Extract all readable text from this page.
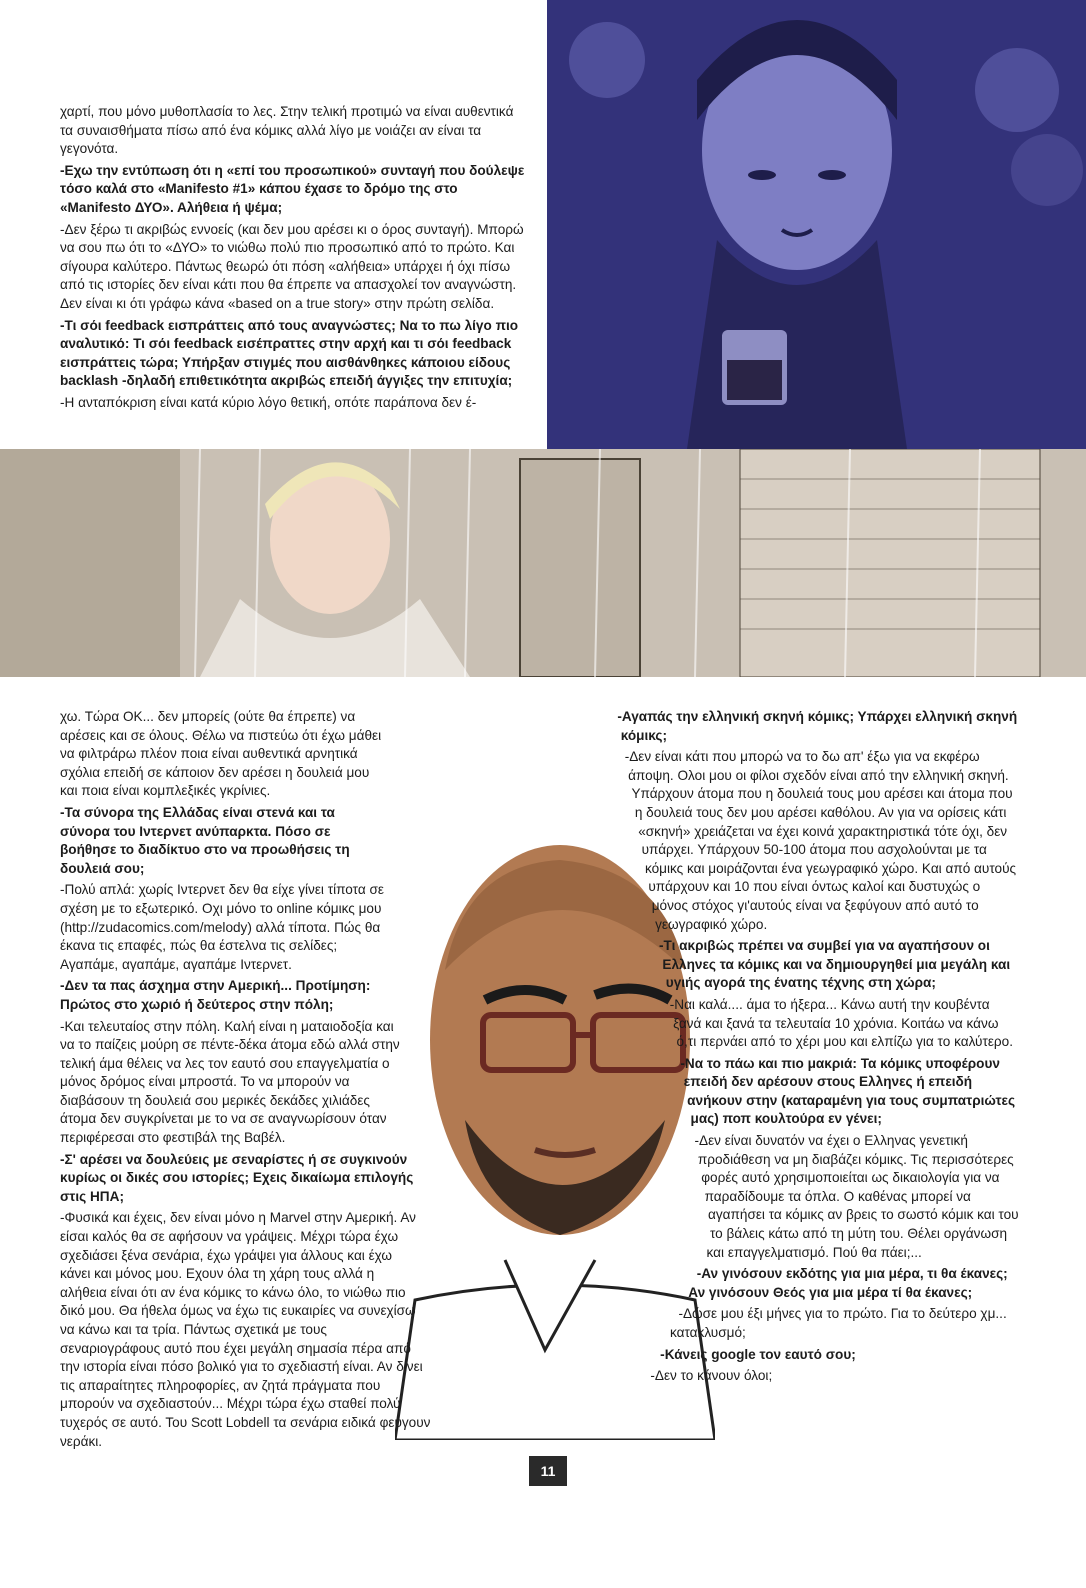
χαρτί, που μόνο μυθοπλασία το λες. Στην τελική προτιμώ να είναι αυθεντικά τα συναισθήματα πίσω από ένα κόμικς αλλά λίγο με νοιάζει αν είναι τα γεγονότα.

-Εχω την εντύπωση ότι η «επί του προσωπικού» συνταγή που δούλεψε τόσο καλά στο «Manifesto #1» κάπου έχασε το δρόμο της στο «Manifesto ΔΥΟ». Αλήθεια ή ψέμα;

-Δεν ξέρω τι ακριβώς εννοείς (και δεν μου αρέσει κι ο όρος συνταγή). Μπορώ να σου πω ότι το «ΔΥΟ» το νιώθω πολύ πιο προσωπικό από το πρώτο. Και σίγουρα καλύτερο. Πάντως θεωρώ ότι πόση «αλήθεια» υπάρχει ή όχι πίσω από τις ιστορίες δεν είναι κάτι που θα έπρεπε να απασχολεί τον αναγνώστη. Δεν είναι κι ότι γράφω κάνα «based on a true story» στην πρώτη σελίδα.

-Τι σόι feedback εισπράττεις από τους αναγνώστες; Να το πω λίγο πιο αναλυτικό: Τι σόι feedback εισέπραττες στην αρχή και τι σόι feedback εισπράττεις τώρα; Υπήρξαν στιγμές που αισθάνθηκες κάποιου είδους backlash -δηλαδή επιθετικότητα ακριβώς επειδή άγγιξες την επιτυχία;

-Η ανταπόκριση είναι κατά κύριο λόγο θετική, οπότε παράπονα δεν έ-

χω. Τώρα ΟΚ... δεν μπορείς (ούτε θα έπρεπε) να αρέσεις και σε όλους. Θέλω να πιστεύω ότι έχω μάθει να φιλτράρω πλέον ποια είναι αυθεντικά αρνητικά σχόλια επειδή σε κάποιον δεν αρέσει η δουλειά μου και ποια είναι κομπλεξικές γκρίνιες.

-Τα σύνορα της Ελλάδας είναι στενά και τα σύνορα του Ιντερνετ ανύπαρκτα. Πόσο σε βοήθησε το διαδίκτυο στο να προωθήσεις τη δουλειά σου;

-Πολύ απλά: χωρίς Ιντερνετ δεν θα είχε γίνει τίποτα σε σχέση με το εξωτερικό. Οχι μόνο το online κόμικς μου (http://zudacomics.com/melody) αλλά τίποτα. Πώς θα έκανα τις επαφές, πώς θα έστελνα τις σελίδες; Αγαπάμε, αγαπάμε, αγαπάμε Ιντερνετ.

-Δεν τα πας άσχημα στην Αμερική... Προτίμηση: Πρώτος στο χωριό ή δεύτερος στην πόλη;

-Και τελευταίος στην πόλη. Καλή είναι η ματαιοδοξία και να το παίζεις μούρη σε πέντε-δέκα άτομα εδώ αλλά στην τελική άμα θέλεις να λες τον εαυτό σου επαγγελματία ο μόνος δρόμος είναι μπροστά. Το να μπορούν να διαβάσουν τη δουλειά σου μερικές δεκάδες χιλιάδες άτομα δεν συγκρίνεται με το να σε αναγνωρίσουν όταν περιφέρεσαι στο φεστιβάλ της Βαβέλ.

-Σ' αρέσει να δουλεύεις με σεναρίστες ή σε συγκινούν κυρίως οι δικές σου ιστορίες; Εχεις δικαίωμα επιλογής στις ΗΠΑ;

-Φυσικά και έχεις, δεν είναι μόνο η Marvel στην Αμερική. Αν είσαι καλός θα σε αφήσουν να γράψεις. Μέχρι τώρα έχω σχεδιάσει ξένα σενάρια, έχω γράψει για άλλους και έχω κάνει και μόνος μου. Εχουν όλα τη χάρη τους αλλά η αλήθεια είναι ότι αν ένα κόμικς το κάνω όλο, το νιώθω πιο δικό μου. Θα ήθελα όμως να έχω τις ευκαιρίες να συνεχίσω να κάνω και τα τρία. Πάντως σχετικά με τους σεναριογράφους αυτό που έχει μεγάλη σημασία πέρα από την ιστορία είναι πόσο βολικό για το σχεδιαστή είναι. Αν δίνει τις απαραίτητες πληροφορίες, αν ζητά πράγματα που μπορούν να σχεδιαστούν... Μέχρι τώρα έχω σταθεί πολύ τυχερός σε αυτό. Του Scott Lobdell τα σενάρια ειδικά φεύγουν νεράκι.

-Αγαπάς την ελληνική σκηνή κόμικς; Υπάρχει ελληνική σκηνή κόμικς;

-Δεν είναι κάτι που μπορώ να το δω απ' έξω για να εκφέρω άποψη. Ολοι μου οι φίλοι σχεδόν είναι από την ελληνική σκηνή. Υπάρχουν άτομα που η δουλειά τους μου αρέσει και άτομα που η δουλειά τους δεν μου αρέσει καθόλου. Αν για να ορίσεις κάτι «σκηνή» χρειάζεται να έχει κοινά χαρακτηριστικά τότε όχι, δεν υπάρχει. Υπάρχουν 50-100 άτομα που ασχολούνται με τα κόμικς και μοιράζονται ένα γεωγραφικό χώρο. Και από αυτούς υπάρχουν και 10 που είναι όντως καλοί και δυστυχώς ο μόνος στόχος γι'αυτούς είναι να ξεφύγουν από αυτό το γεωγραφικό χώρο.

-Τι ακριβώς πρέπει να συμβεί για να αγαπήσουν οι Ελληνες τα κόμικς και να δημιουργηθεί μια μεγάλη και υγιής αγορά της ένατης τέχνης στη χώρα;

-Ναι καλά.... άμα το ήξερα... Κάνω αυτή την κουβέντα ξανά και ξανά τα τελευταία 10 χρόνια. Κοιτάω να κάνω ό,τι περνάει από το χέρι μου και ελπίζω για το καλύτερο.

-Να το πάω και πιο μακριά: Τα κόμικς υποφέρουν επειδή δεν αρέσουν στους Ελληνες ή επειδή ανήκουν στην (καταραμένη για τους συμπατριώτες μας) ποπ κουλτούρα εν γένει;

-Δεν είναι δυνατόν να έχει ο Ελληνας γενετική προδιάθεση να μη διαβάζει κόμικς. Τις περισσότερες φορές αυτό χρησιμοποιείται ως δικαιολογία για να παραδίδουμε τα όπλα. Ο καθένας μπορεί να αγαπήσει τα κόμικς αν βρεις το σωστό κόμικ και του το βάλεις κάτω από τη μύτη του. Θέλει οργάνωση και επαγγελματισμό. Πού θα πάει;...

-Αν γινόσουν εκδότης για μια μέρα, τι θα έκανες; Αν γινόσουν Θεός για μια μέρα τί θα έκανες;

-Δώσε μου έξι μήνες για το πρώτο. Για το δεύτερο χμ... κατακλυσμό;

-Κάνεις google τον εαυτό σου;

-Δεν το κάνουν όλοι;

11
